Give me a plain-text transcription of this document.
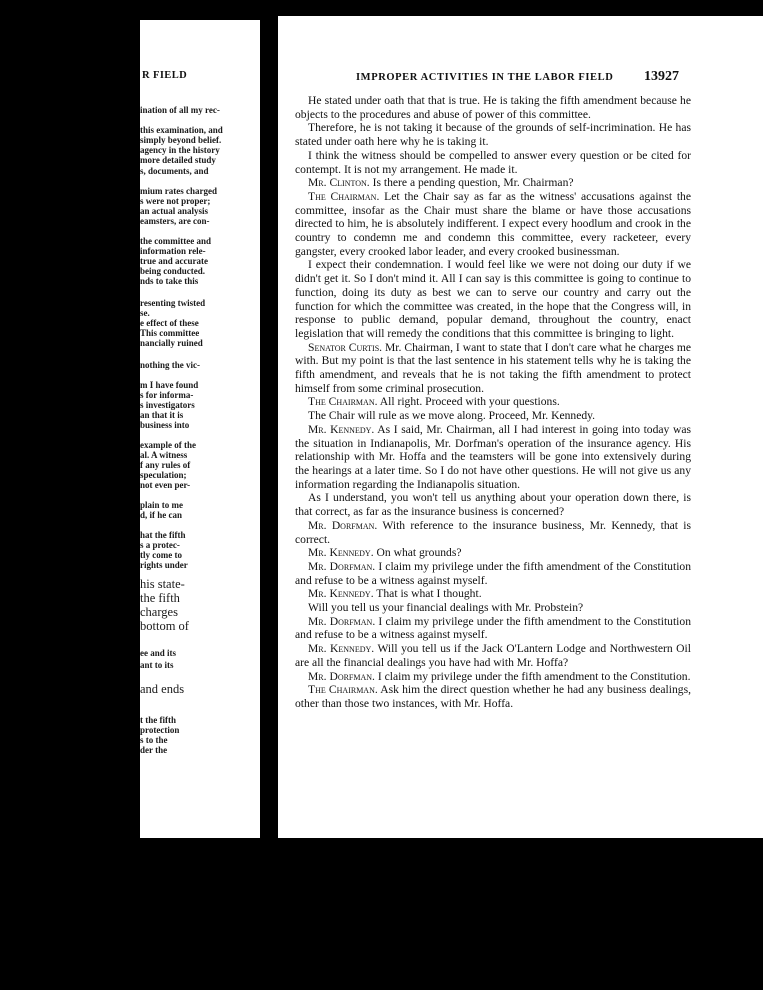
R FIELD
ination of all my rec-
this examination, and
simply beyond belief.
agency in the history
more detailed study
s, documents, and
mium rates charged
s were not proper;
an actual analysis
eamsters, are con-
the committee and
information rele-
true and accurate
being conducted.
nds to take this
resenting twisted
se.
e effect of these
This committee
nancially ruined
nothing the vic-
m I have found
s for informa-
s investigators
an that it is
business into
example of the
al. A witness
f any rules of
speculation;
not even per-
plain to me
d, if he can
hat the fifth
s a protec-
tly come to
rights under
his state-
the fifth
charges
bottom of
ee and its
ant to its
and ends
t the fifth
protection
s to the
der the
IMPROPER ACTIVITIES IN THE LABOR FIELD 13927

He stated under oath that that is true. He is taking the fifth amendment because he objects to the procedures and abuse of power of this committee.

Therefore, he is not taking it because of the grounds of self-incrimination. He has stated under oath here why he is taking it.

I think the witness should be compelled to answer every question or be cited for contempt. It is not my arrangement. He made it.

Mr. Clinton. Is there a pending question, Mr. Chairman?

The Chairman. Let the Chair say as far as the witness' accusations against the committee, insofar as the Chair must share the blame or have those accusations directed to him, he is absolutely indifferent. I expect every hoodlum and crook in the country to condemn me and condemn this committee, every racketeer, every gangster, every crooked labor leader, and every crooked businessman.

I expect their condemnation. I would feel like we were not doing our duty if we didn't get it. So I don't mind it. All I can say is this committee is going to continue to function, doing its duty as best we can to serve our country and carry out the function for which the committee was created, in the hope that the Congress will, in response to public demand, popular demand, throughout the country, enact legislation that will remedy the conditions that this committee is bringing to light.

Senator Curtis. Mr. Chairman, I want to state that I don't care what he charges me with. But my point is that the last sentence in his statement tells why he is taking the fifth amendment, and reveals that he is not taking the fifth amendment to protect himself from some criminal prosecution.

The Chairman. All right. Proceed with your questions.

The Chair will rule as we move along. Proceed, Mr. Kennedy.

Mr. Kennedy. As I said, Mr. Chairman, all I had interest in going into today was the situation in Indianapolis, Mr. Dorfman's operation of the insurance agency. His relationship with Mr. Hoffa and the teamsters will be gone into extensively during the hearings at a later time. So I do not have other questions. He will not give us any information regarding the Indianapolis situation.

As I understand, you won't tell us anything about your operation down there, is that correct, as far as the insurance business is concerned?

Mr. Dorfman. With reference to the insurance business, Mr. Kennedy, that is correct.

Mr. Kennedy. On what grounds?

Mr. Dorfman. I claim my privilege under the fifth amendment of the Constitution and refuse to be a witness against myself.

Mr. Kennedy. That is what I thought.

Will you tell us your financial dealings with Mr. Probstein?

Mr. Dorfman. I claim my privilege under the fifth amendment to the Constitution and refuse to be a witness against myself.

Mr. Kennedy. Will you tell us if the Jack O'Lantern Lodge and Northwestern Oil are all the financial dealings you have had with Mr. Hoffa?

Mr. Dorfman. I claim my privilege under the fifth amendment to the Constitution.

The Chairman. Ask him the direct question whether he had any business dealings, other than those two instances, with Mr. Hoffa.
